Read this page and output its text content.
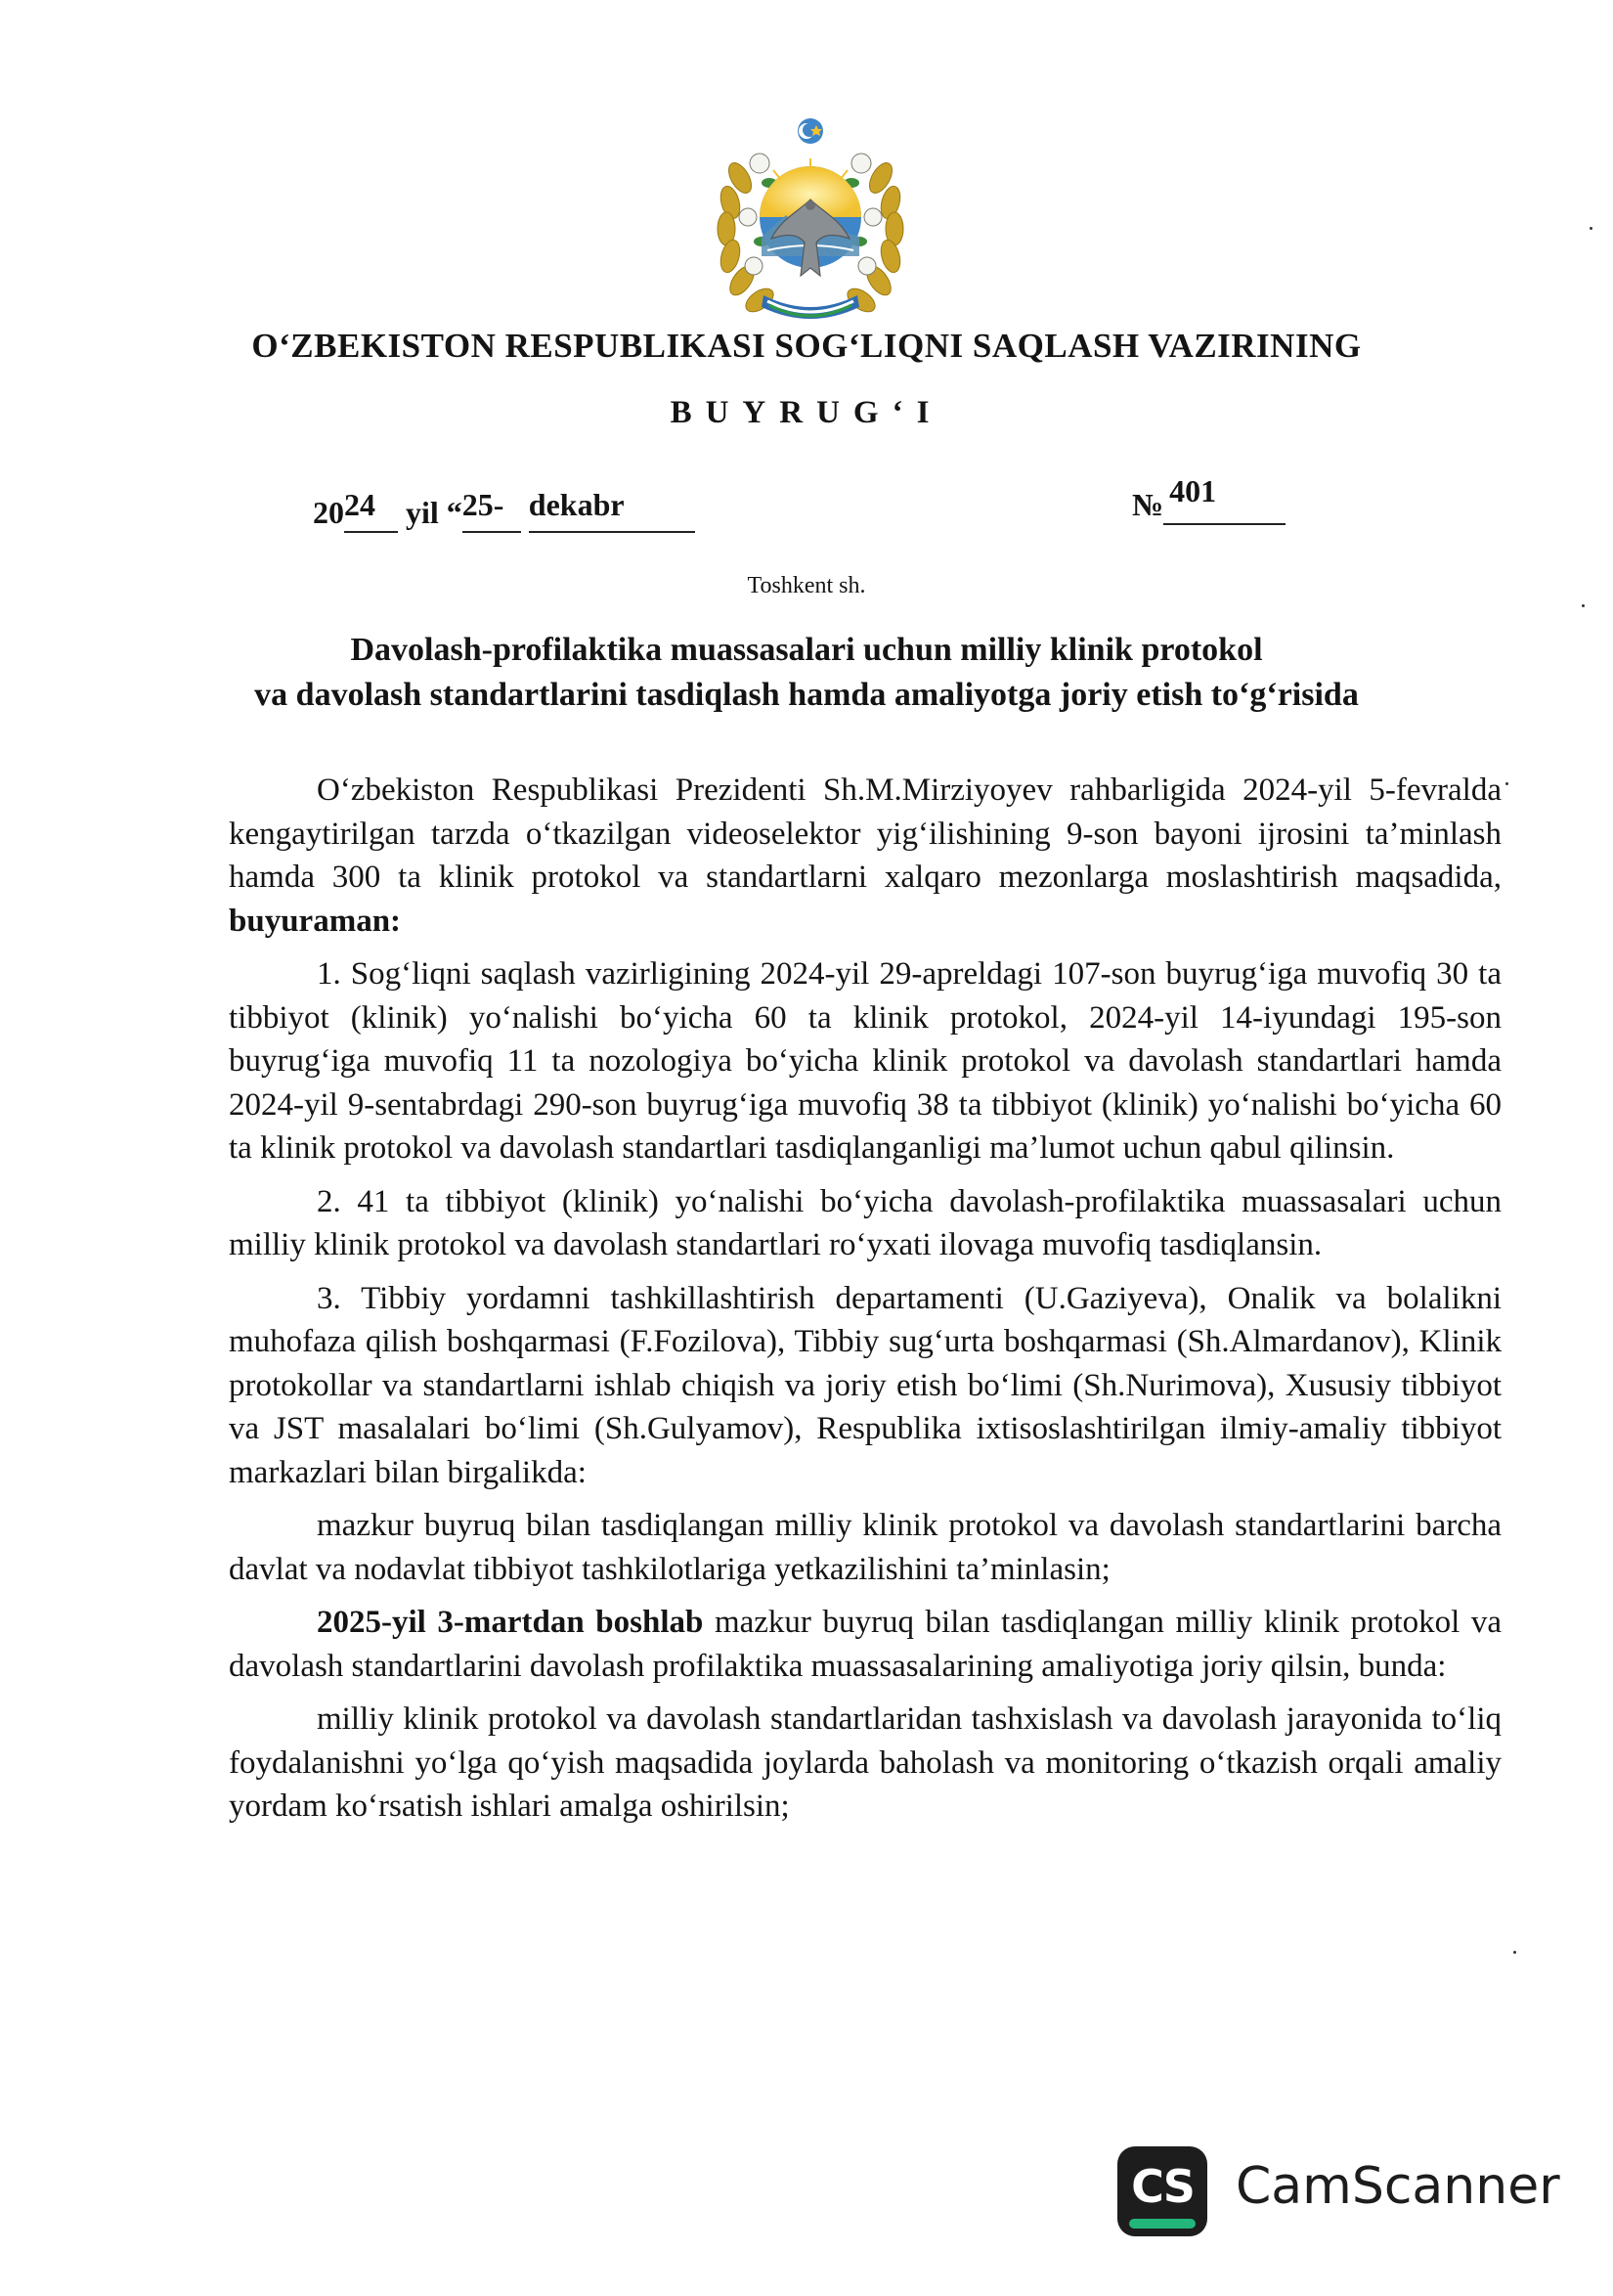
O‘ZBEKISTON RESPUBLIKASI SOG‘LIQNI SAQLASH VAZIRINING
BUYRUG‘I
2024 yil “25- dekabr	№ 401
Toshkent sh.
Davolash-profilaktika muassasalari uchun milliy klinik protokol
va davolash standartlarini tasdiqlash hamda amaliyotga joriy etish to‘g‘risida

O‘zbekiston Respublikasi Prezidenti Sh.M.Mirziyoyev rahbarligida 2024-yil 5-fevralda kengaytirilgan tarzda o‘tkazilgan videoselektor yig‘ilishining 9-son bayoni ijrosini ta’minlash hamda 300 ta klinik protokol va standartlarni xalqaro mezonlarga moslashtirish maqsadida, buyuraman:

1. Sog‘liqni saqlash vazirligining 2024-yil 29-apreldagi 107-son buyrug‘iga muvofiq 30 ta tibbiyot (klinik) yo‘nalishi bo‘yicha 60 ta klinik protokol, 2024-yil 14-iyundagi 195-son buyrug‘iga muvofiq 11 ta nozologiya bo‘yicha klinik protokol va davolash standartlari hamda 2024-yil 9-sentabrdagi 290-son buyrug‘iga muvofiq 38 ta tibbiyot (klinik) yo‘nalishi bo‘yicha 60 ta klinik protokol va davolash standartlari tasdiqlanganligi ma’lumot uchun qabul qilinsin.

2. 41 ta tibbiyot (klinik) yo‘nalishi bo‘yicha davolash-profilaktika muassasalari uchun milliy klinik protokol va davolash standartlari ro‘yxati ilovaga muvofiq tasdiqlansin.

3. Tibbiy yordamni tashkillashtirish departamenti (U.Gaziyeva), Onalik va bolalikni muhofaza qilish boshqarmasi (F.Fozilova), Tibbiy sug‘urta boshqarmasi (Sh.Almardanov), Klinik protokollar va standartlarni ishlab chiqish va joriy etish bo‘limi (Sh.Nurimova), Xususiy tibbiyot va JST masalalari bo‘limi (Sh.Gulyamov), Respublika ixtisoslashtirilgan ilmiy-amaliy tibbiyot markazlari bilan birgalikda:

mazkur buyruq bilan tasdiqlangan milliy klinik protokol va davolash standartlarini barcha davlat va nodavlat tibbiyot tashkilotlariga yetkazilishini ta’minlasin;

2025-yil 3-martdan boshlab mazkur buyruq bilan tasdiqlangan milliy klinik protokol va davolash standartlarini davolash profilaktika muassasalarining amaliyotiga joriy qilsin, bunda:

milliy klinik protokol va davolash standartlaridan tashxislash va davolash jarayonida to‘liq foydalanishni yo‘lga qo‘yish maqsadida joylarda baholash va monitoring o‘tkazish orqali amaliy yordam ko‘rsatish ishlari amalga oshirilsin;

CS CamScanner
